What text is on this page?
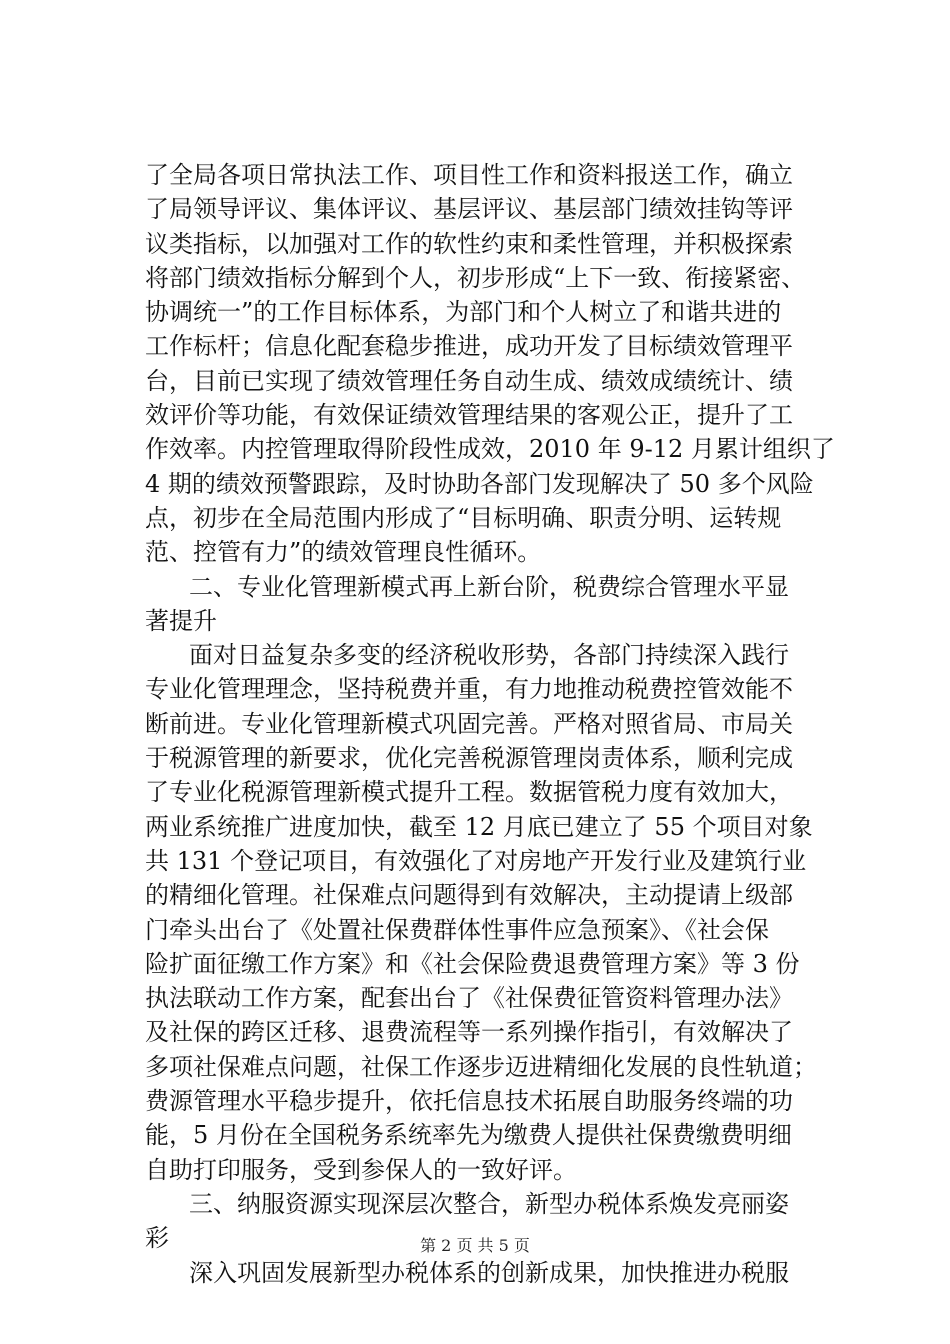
了全局各项日常执法工作、项目性工作和资料报送工作，确立
了局领导评议、集体评议、基层评议、基层部门绩效挂钩等评
议类指标，以加强对工作的软性约束和柔性管理，并积极探索
将部门绩效指标分解到个人，初步形成“上下一致、衔接紧密、
协调统一”的工作目标体系，为部门和个人树立了和谐共进的
工作标杆；信息化配套稳步推进，成功开发了目标绩效管理平
台，目前已实现了绩效管理任务自动生成、绩效成绩统计、绩
效评价等功能，有效保证绩效管理结果的客观公正，提升了工
作效率。内控管理取得阶段性成效，2010 年 9-12 月累计组织了
4 期的绩效预警跟踪，及时协助各部门发现解决了 50 多个风险
点，初步在全局范围内形成了“目标明确、职责分明、运转规
范、控管有力”的绩效管理良性循环。
二、专业化管理新模式再上新台阶，税费综合管理水平显
著提升
面对日益复杂多变的经济税收形势，各部门持续深入践行
专业化管理理念，坚持税费并重，有力地推动税费控管效能不
断前进。专业化管理新模式巩固完善。严格对照省局、市局关
于税源管理的新要求，优化完善税源管理岗责体系，顺利完成
了专业化税源管理新模式提升工程。数据管税力度有效加大，
两业系统推广进度加快，截至 12 月底已建立了 55 个项目对象
共 131 个登记项目，有效强化了对房地产开发行业及建筑行业
的精细化管理。社保难点问题得到有效解决，主动提请上级部
门牵头出台了《处置社保费群体性事件应急预案》、《社会保
险扩面征缴工作方案》和《社会保险费退费管理方案》等 3 份
执法联动工作方案，配套出台了《社保费征管资料管理办法》
及社保的跨区迁移、退费流程等一系列操作指引，有效解决了
多项社保难点问题，社保工作逐步迈进精细化发展的良性轨道；
费源管理水平稳步提升，依托信息技术拓展自助服务终端的功
能，5 月份在全国税务系统率先为缴费人提供社保费缴费明细
自助打印服务，受到参保人的一致好评。
三、纳服资源实现深层次整合，新型办税体系焕发亮丽姿
彩
深入巩固发展新型办税体系的创新成果，加快推进办税服
第 2 页 共 5 页
